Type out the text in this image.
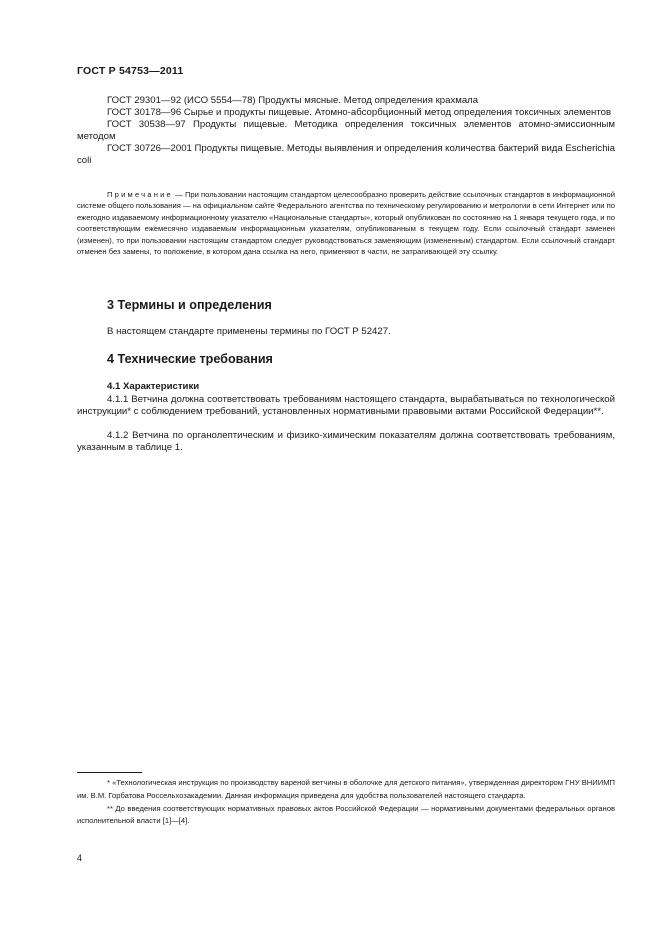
ГОСТ Р 54753—2011

ГОСТ 29301—92 (ИСО 5554—78) Продукты мясные. Метод определения крахмала

ГОСТ 30178—96 Сырье и продукты пищевые. Атомно-абсорбционный метод определения токсичных элементов

ГОСТ 30538—97 Продукты пищевые. Методика определения токсичных элементов атомно-эмиссионным методом

ГОСТ 30726—2001 Продукты пищевые. Методы выявления и определения количества бактерий вида Escherichia coli

Примечание — При пользовании настоящим стандартом целесообразно проверить действие ссылочных стандартов в информационной системе общего пользования — на официальном сайте Федерального агентства по техническому регулированию и метрологии в сети Интернет или по ежегодно издаваемому информационному указателю «Национальные стандарты», который опубликован по состоянию на 1 января текущего года, и по соответствующим ежемесячно издаваемым информационным указателям, опубликованным в текущем году. Если ссылочный стандарт заменен (изменен), то при пользовании настоящим стандартом следует руководствоваться заменяющим (измененным) стандартом. Если ссылочный стандарт отменен без замены, то положение, в котором дана ссылка на него, применяют в части, не затрагивающей эту ссылку.

3 Термины и определения

В настоящем стандарте применены термины по ГОСТ Р 52427.

4 Технические требования
4.1 Характеристики

4.1.1 Ветчина должна соответствовать требованиям настоящего стандарта, вырабатываться по технологической инструкции* с соблюдением требований, установленных нормативными правовыми актами Российской Федерации**.

4.1.2 Ветчина по органолептическим и физико-химическим показателям должна соответствовать требованиям, указанным в таблице 1.

* «Технологическая инструкция по производству вареной ветчины в оболочке для детского питания», утвержденная директором ГНУ ВНИИМП им. В.М. Горбатова Россельхозакадемии. Данная информация приведена для удобства пользователей настоящего стандарта.

** До введения соответствующих нормативных правовых актов Российской Федерации — нормативными документами федеральных органов исполнительной власти [1]—[4].

4
